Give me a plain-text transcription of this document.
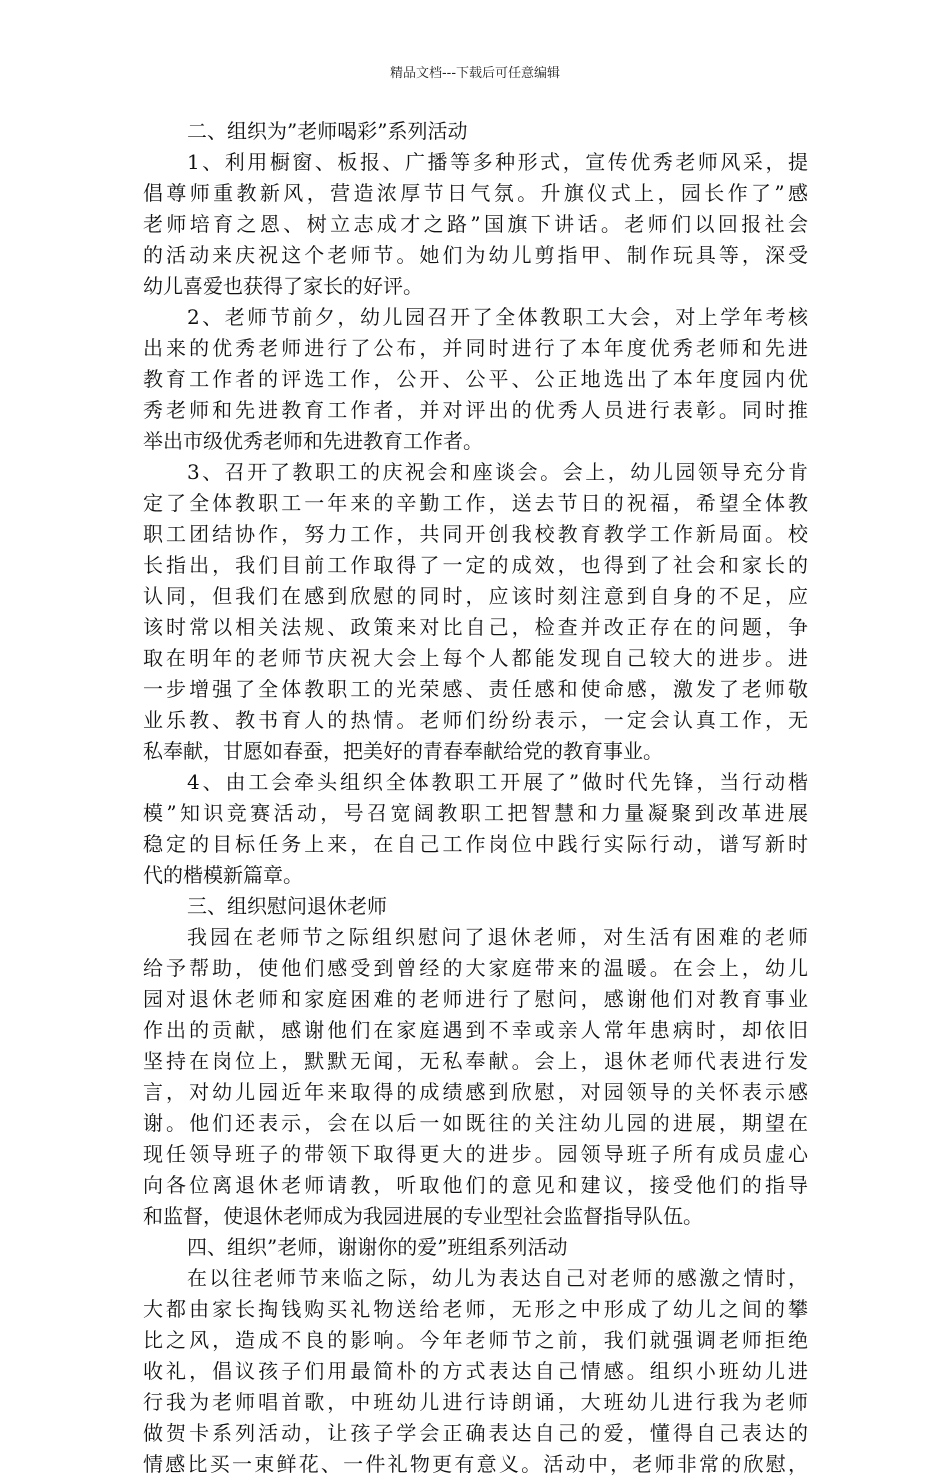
精品文档---下载后可任意编辑
二、组织为”老师喝彩”系列活动
1、利用橱窗、板报、广播等多种形式，宣传优秀老师风采，提
倡尊师重教新风，营造浓厚节日气氛。升旗仪式上，园长作了”感
老师培育之恩、树立志成才之路”国旗下讲话。老师们以回报社会
的活动来庆祝这个老师节。她们为幼儿剪指甲、制作玩具等，深受
幼儿喜爱也获得了家长的好评。
2、老师节前夕，幼儿园召开了全体教职工大会，对上学年考核
出来的优秀老师进行了公布，并同时进行了本年度优秀老师和先进
教育工作者的评选工作，公开、公平、公正地选出了本年度园内优
秀老师和先进教育工作者，并对评出的优秀人员进行表彰。同时推
举出市级优秀老师和先进教育工作者。
3、召开了教职工的庆祝会和座谈会。会上，幼儿园领导充分肯
定了全体教职工一年来的辛勤工作，送去节日的祝福，希望全体教
职工团结协作，努力工作，共同开创我校教育教学工作新局面。校
长指出，我们目前工作取得了一定的成效，也得到了社会和家长的
认同，但我们在感到欣慰的同时，应该时刻注意到自身的不足，应
该时常以相关法规、政策来对比自己，检查并改正存在的问题，争
取在明年的老师节庆祝大会上每个人都能发现自己较大的进步。进
一步增强了全体教职工的光荣感、责任感和使命感，激发了老师敬
业乐教、教书育人的热情。老师们纷纷表示，一定会认真工作，无
私奉献，甘愿如春蚕，把美好的青春奉献给党的教育事业。
4、由工会牵头组织全体教职工开展了”做时代先锋，当行动楷
模”知识竞赛活动，号召宽阔教职工把智慧和力量凝聚到改革进展
稳定的目标任务上来，在自己工作岗位中践行实际行动，谱写新时
代的楷模新篇章。
三、组织慰问退休老师
我园在老师节之际组织慰问了退休老师，对生活有困难的老师
给予帮助，使他们感受到曾经的大家庭带来的温暖。在会上，幼儿
园对退休老师和家庭困难的老师进行了慰问，感谢他们对教育事业
作出的贡献，感谢他们在家庭遇到不幸或亲人常年患病时，却依旧
坚持在岗位上，默默无闻，无私奉献。会上，退休老师代表进行发
言，对幼儿园近年来取得的成绩感到欣慰，对园领导的关怀表示感
谢。他们还表示，会在以后一如既往的关注幼儿园的进展，期望在
现任领导班子的带领下取得更大的进步。园领导班子所有成员虚心
向各位离退休老师请教，听取他们的意见和建议，接受他们的指导
和监督，使退休老师成为我园进展的专业型社会监督指导队伍。
四、组织”老师，谢谢你的爱”班组系列活动
在以往老师节来临之际，幼儿为表达自己对老师的感激之情时，
大都由家长掏钱购买礼物送给老师，无形之中形成了幼儿之间的攀
比之风，造成不良的影响。今年老师节之前，我们就强调老师拒绝
收礼，倡议孩子们用最简朴的方式表达自己情感。组织小班幼儿进
行我为老师唱首歌，中班幼儿进行诗朗诵，大班幼儿进行我为老师
做贺卡系列活动，让孩子学会正确表达自己的爱，懂得自己表达的
情感比买一束鲜花、一件礼物更有意义。活动中，老师非常的欣慰，
